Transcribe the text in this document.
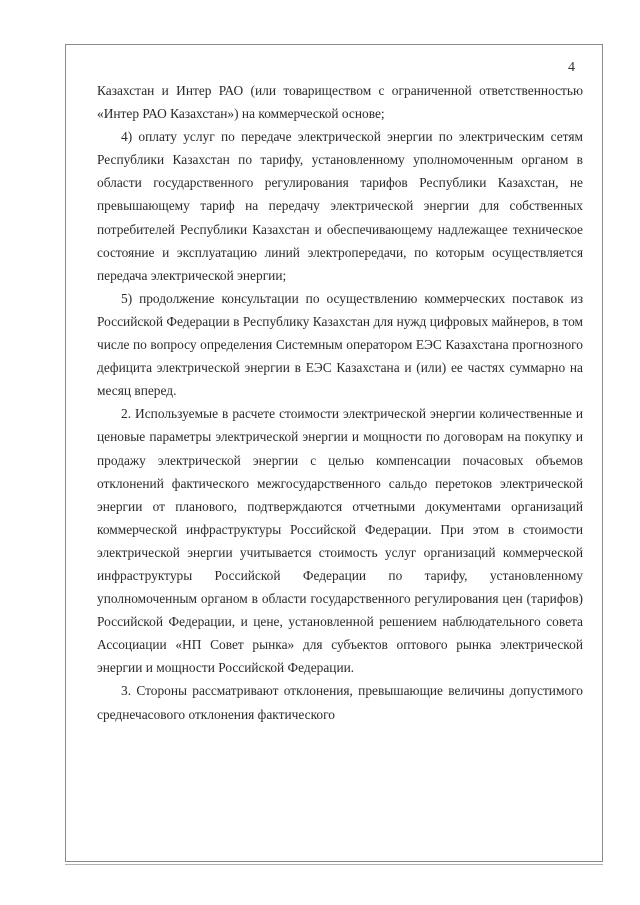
4

Казахстан и Интер РАО (или товариществом с ограниченной ответственностью «Интер РАО Казахстан») на коммерческой основе;

4) оплату услуг по передаче электрической энергии по электрическим сетям Республики Казахстан по тарифу, установленному уполномоченным органом в области государственного регулирования тарифов Республики Казахстан, не превышающему тариф на передачу электрической энергии для собственных потребителей Республики Казахстан и обеспечивающему надлежащее техническое состояние и эксплуатацию линий электропередачи, по которым осуществляется передача электрической энергии;

5) продолжение консультации по осуществлению коммерческих поставок из Российской Федерации в Республику Казахстан для нужд цифровых майнеров, в том числе по вопросу определения Системным оператором ЕЭС Казахстана прогнозного дефицита электрической энергии в ЕЭС Казахстана и (или) ее частях суммарно на месяц вперед.

2. Используемые в расчете стоимости электрической энергии количественные и ценовые параметры электрической энергии и мощности по договорам на покупку и продажу электрической энергии с целью компенсации почасовых объемов отклонений фактического межгосударственного сальдо перетоков электрической энергии от планового, подтверждаются отчетными документами организаций коммерческой инфраструктуры Российской Федерации. При этом в стоимости электрической энергии учитывается стоимость услуг организаций коммерческой инфраструктуры Российской Федерации по тарифу, установленному уполномоченным органом в области государственного регулирования цен (тарифов) Российской Федерации, и цене, установленной решением наблюдательного совета Ассоциации «НП Совет рынка» для субъектов оптового рынка электрической энергии и мощности Российской Федерации.

3. Стороны рассматривают отклонения, превышающие величины допустимого среднечасового отклонения фактического
